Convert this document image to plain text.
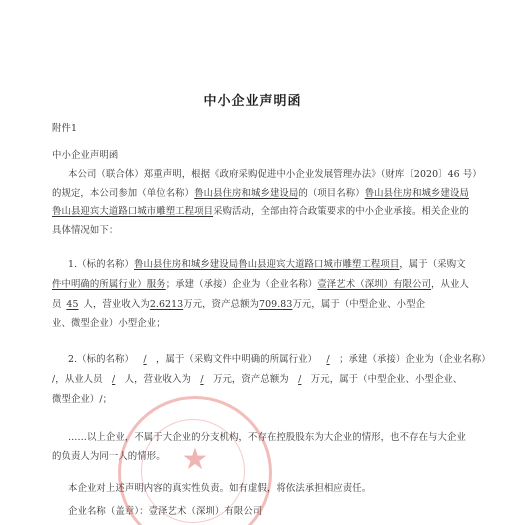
中小企业声明函
附件1
中小企业声明函
本公司（联合体）郑重声明，根据《政府采购促进中小企业发展管理办法》（财库〔2020〕46 号）
的规定，本公司参加（单位名称）鲁山县住房和城乡建设局的（项目名称）鲁山县住房和城乡建设局
鲁山县迎宾大道路口城市雕塑工程项目采购活动，全部由符合政策要求的中小企业承接。相关企业的
具体情况如下：
1.（标的名称）鲁山县住房和城乡建设局鲁山县迎宾大道路口城市雕塑工程项目，属于（采购文
件中明确的所属行业）服务；承建（承接）企业为（企业名称）壹泽艺术（深圳）有限公司，从业人
员 45 人，营业收入为2.6213万元，资产总额为709.83万元，属于（中型企业、小型企
业、微型企业）小型企业；
2.（标的名称） / ，属于（采购文件中明确的所属行业） / ；承建（承接）企业为（企业名称）
/，从业人员 / 人，营业收入为 / 万元，资产总额为 / 万元，属于（中型企业、小型企业、
微型企业）/；
……以上企业，不属于大企业的分支机构，不存在控股股东为大企业的情形，也不存在与大企业
的负责人为同一人的情形。
本企业对上述声明内容的真实性负责。如有虚假，将依法承担相应责任。
企业名称（盖章）：壹泽艺术（深圳）有限公司
★
